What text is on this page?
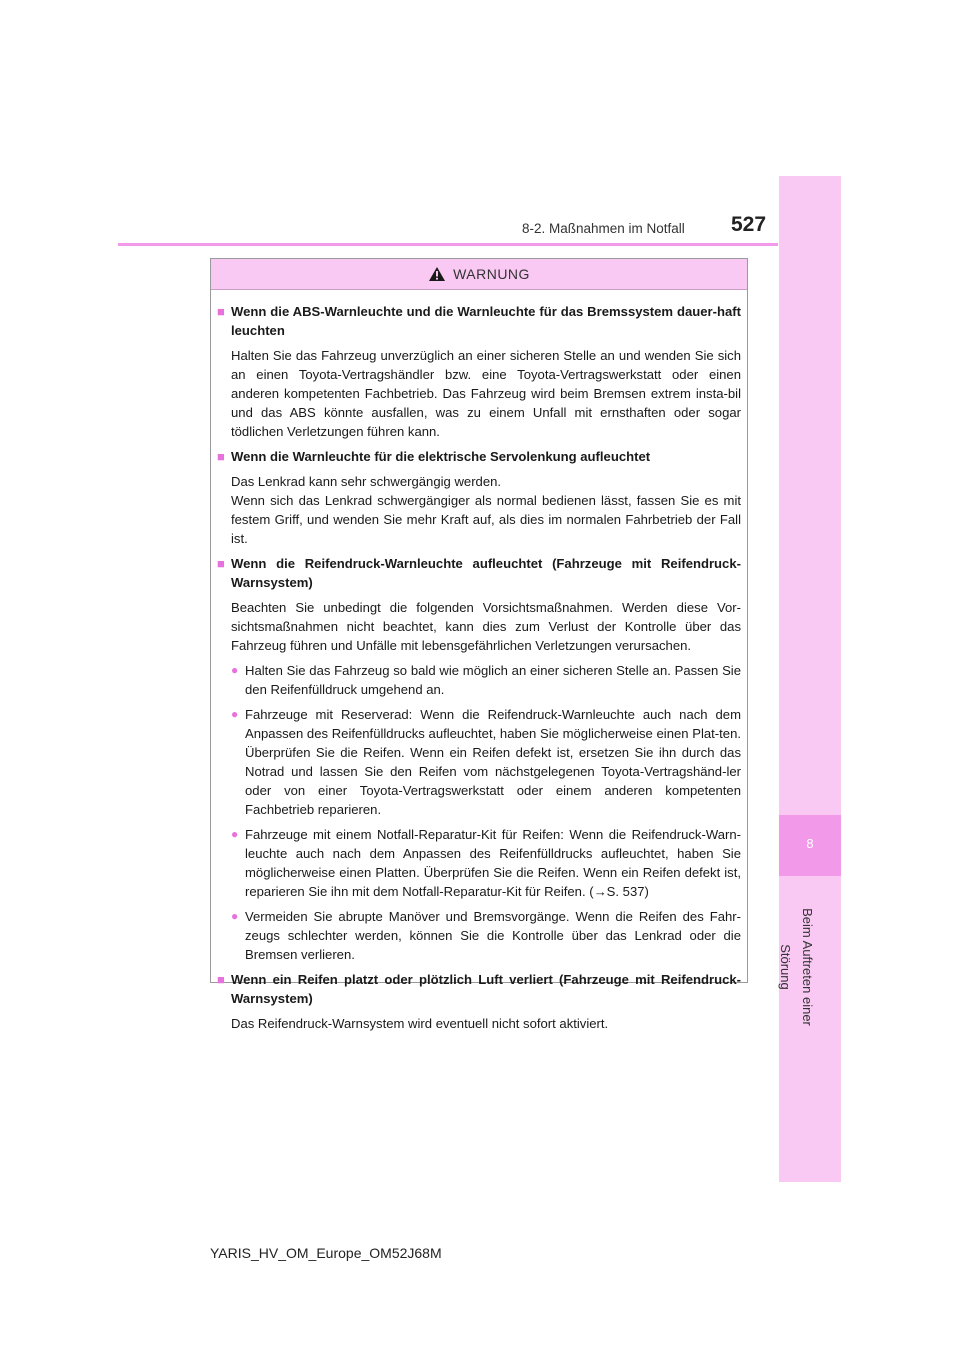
8
Beim Auftreten einer Störung
8-2. Maßnahmen im Notfall 527
WARNUNG
■ Wenn die ABS-Warnleuchte und die Warnleuchte für das Bremssystem dauer-haft leuchten
Halten Sie das Fahrzeug unverzüglich an einer sicheren Stelle an und wenden Sie sich an einen Toyota-Vertragshändler bzw. eine Toyota-Vertragswerkstatt oder einen anderen kompetenten Fachbetrieb. Das Fahrzeug wird beim Bremsen extrem insta-bil und das ABS könnte ausfallen, was zu einem Unfall mit ernsthaften oder sogar tödlichen Verletzungen führen kann.
■ Wenn die Warnleuchte für die elektrische Servolenkung aufleuchtet
Das Lenkrad kann sehr schwergängig werden.
Wenn sich das Lenkrad schwergängiger als normal bedienen lässt, fassen Sie es mit festem Griff, und wenden Sie mehr Kraft auf, als dies im normalen Fahrbetrieb der Fall ist.
■ Wenn die Reifendruck-Warnleuchte aufleuchtet (Fahrzeuge mit Reifendruck-Warnsystem)
Beachten Sie unbedingt die folgenden Vorsichtsmaßnahmen. Werden diese Vor-sichtsmaßnahmen nicht beachtet, kann dies zum Verlust der Kontrolle über das Fahrzeug führen und Unfälle mit lebensgefährlichen Verletzungen verursachen.
● Halten Sie das Fahrzeug so bald wie möglich an einer sicheren Stelle an. Passen Sie den Reifenfülldruck umgehend an.
● Fahrzeuge mit Reserverad: Wenn die Reifendruck-Warnleuchte auch nach dem Anpassen des Reifenfülldrucks aufleuchtet, haben Sie möglicherweise einen Plat-ten. Überprüfen Sie die Reifen. Wenn ein Reifen defekt ist, ersetzen Sie ihn durch das Notrad und lassen Sie den Reifen vom nächstgelegenen Toyota-Vertragshänd-ler oder von einer Toyota-Vertragswerkstatt oder einem anderen kompetenten Fachbetrieb reparieren.
● Fahrzeuge mit einem Notfall-Reparatur-Kit für Reifen: Wenn die Reifendruck-Warn-leuchte auch nach dem Anpassen des Reifenfülldrucks aufleuchtet, haben Sie möglicherweise einen Platten. Überprüfen Sie die Reifen. Wenn ein Reifen defekt ist, reparieren Sie ihn mit dem Notfall-Reparatur-Kit für Reifen. (→S. 537)
● Vermeiden Sie abrupte Manöver und Bremsvorgänge. Wenn die Reifen des Fahr-zeugs schlechter werden, können Sie die Kontrolle über das Lenkrad oder die Bremsen verlieren.
■ Wenn ein Reifen platzt oder plötzlich Luft verliert (Fahrzeuge mit Reifendruck-Warnsystem)
Das Reifendruck-Warnsystem wird eventuell nicht sofort aktiviert.
YARIS_HV_OM_Europe_OM52J68M
